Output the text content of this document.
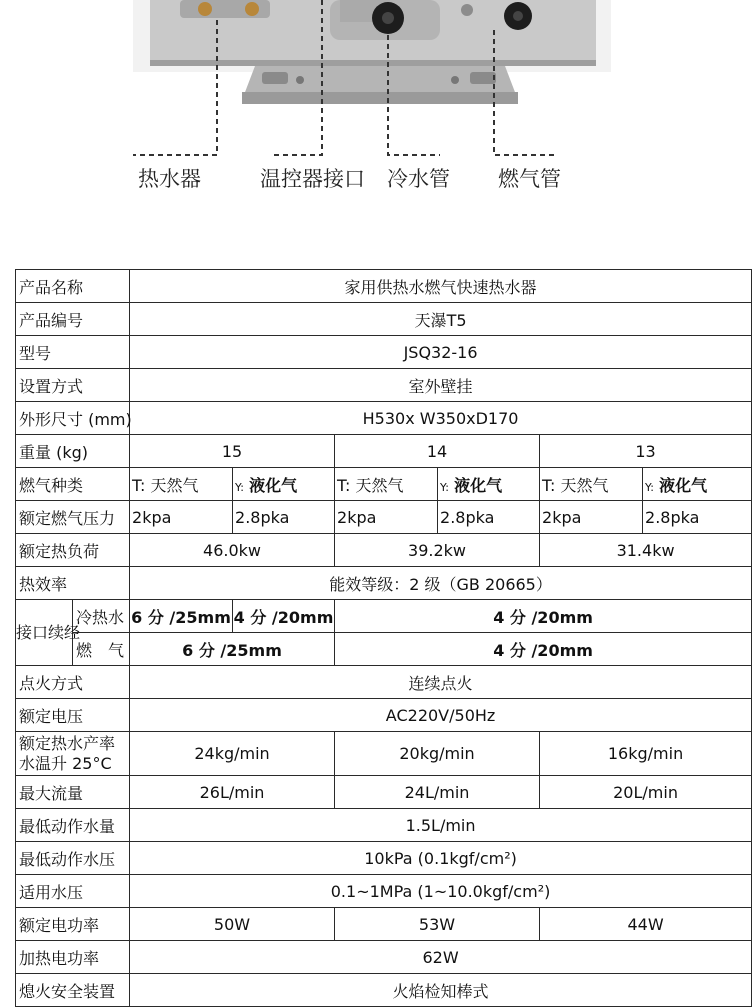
热水器	温控器接口 冷水管 燃气管
产品名称		家用供热水燃气快速热水器					
产品编号		天瀑T5					
型号		JSQ32-16					
设置方式		室外壁挂					
外形尺寸 (mm)		H530x W350xD170					
重量 (kg)		15		14		13	
燃气种类		T: 天然气	Y: 液化气	T: 天然气	Y: 液化气	T: 天然气	Y: 液化气
额定燃气压力		2kpa	2.8pka	2kpa	2.8pka	2kpa	2.8pka
额定热负荷		46.0kw		39.2kw		31.4kw	
热效率		能效等级：2 级（GB 20665）					
接口续经	冷热水	6 分 /25mm	4 分 /20mm	4 分 /20mm			
	燃　气	6 分 /25mm		4 分 /20mm			
点火方式		连续点火					
额定电压		AC220V/50Hz					
额定热水产率水温升 25°C		24kg/min		20kg/min		16kg/min	
最大流量		26L/min		24L/min		20L/min	
最低动作水量		1.5L/min					
最低动作水压		10kPa (0.1kgf/cm²)					
适用水压		0.1~1MPa (1~10.0kgf/cm²)					
额定电功率		50W		53W		44W	
加热电功率		62W					
熄火安全装置		火焰检知棒式					
